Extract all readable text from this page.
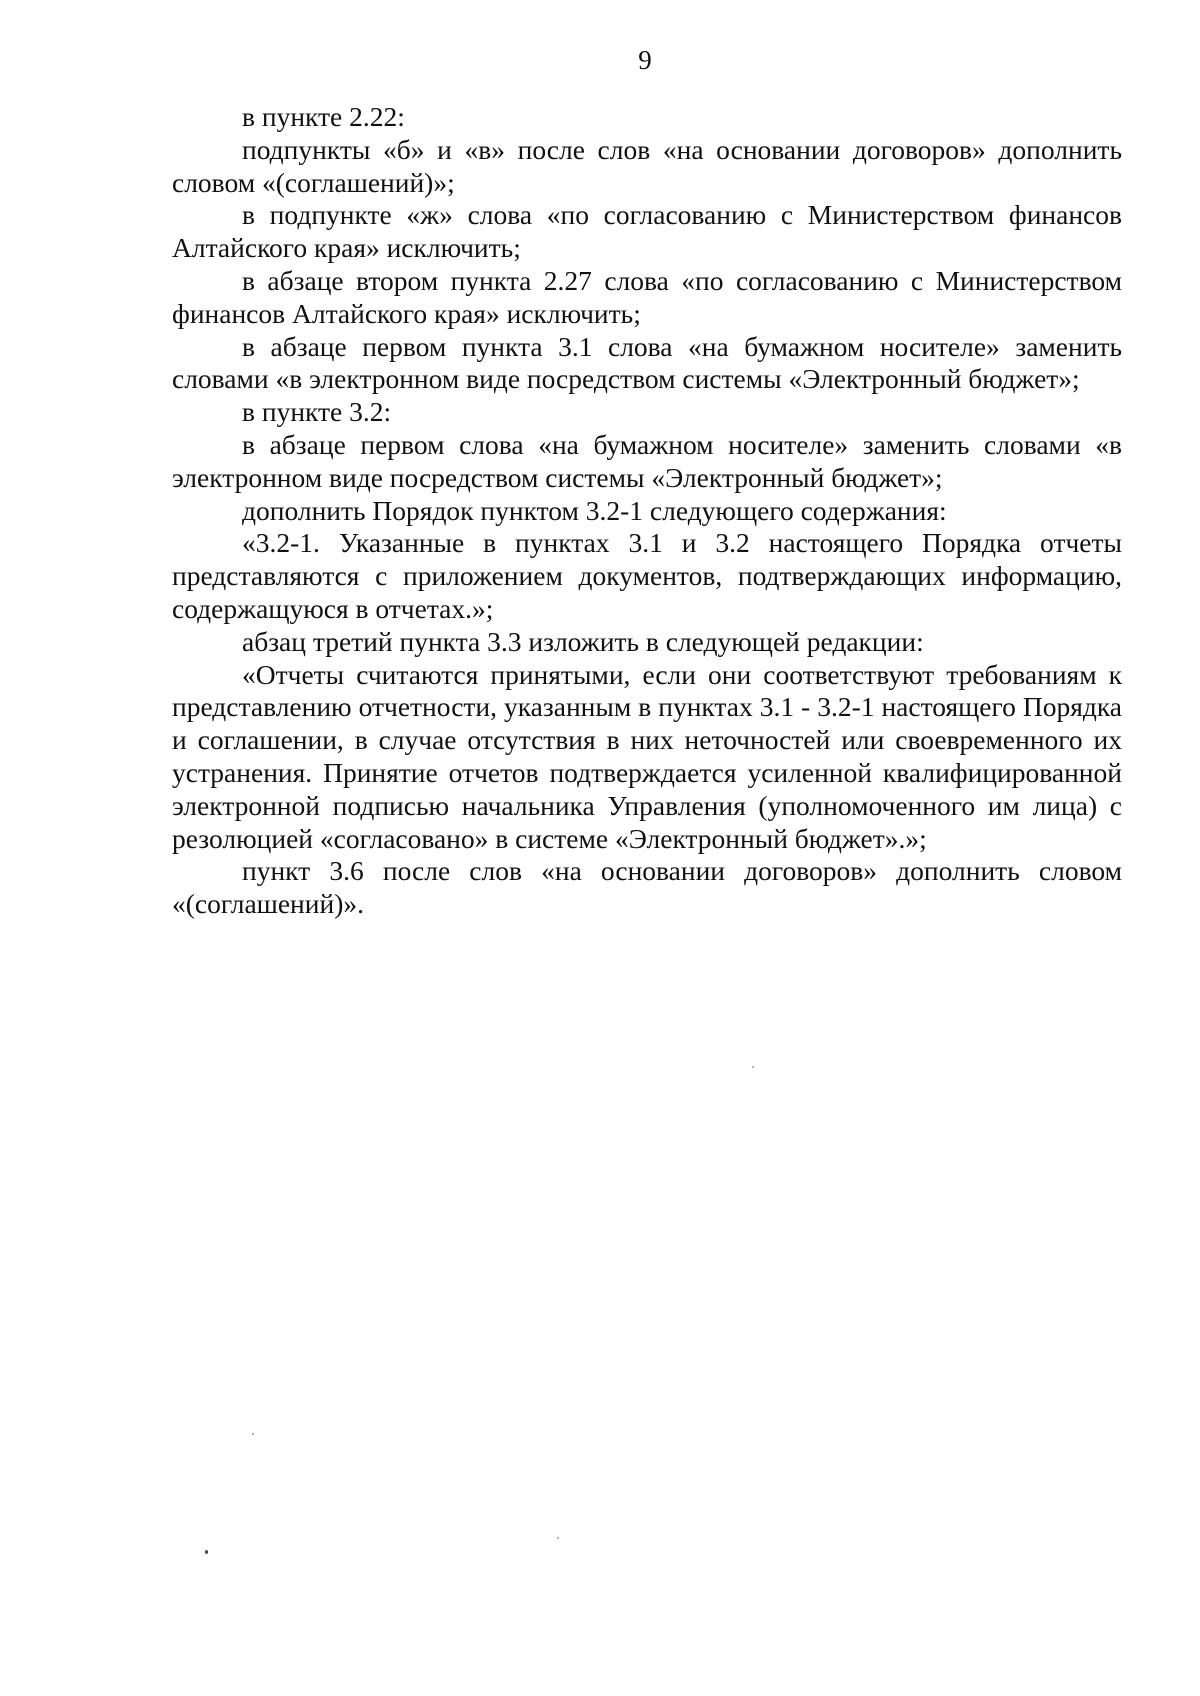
9

в пункте 2.22:

подпункты «б» и «в» после слов «на основании договоров» дополнить словом «(соглашений)»;

в подпункте «ж» слова «по согласованию с Министерством финансов Алтайского края» исключить;

в абзаце втором пункта 2.27 слова «по согласованию с Министерством финансов Алтайского края» исключить;

в абзаце первом пункта 3.1 слова «на бумажном носителе» заменить словами «в электронном виде посредством системы «Электронный бюджет»;

в пункте 3.2:

в абзаце первом слова «на бумажном носителе» заменить словами «в электронном виде посредством системы «Электронный бюджет»;

дополнить Порядок пунктом 3.2-1 следующего содержания:

«3.2-1. Указанные в пунктах 3.1 и 3.2 настоящего Порядка отчеты представляются с приложением документов, подтверждающих информацию, содержащуюся в отчетах.»;

абзац третий пункта 3.3 изложить в следующей редакции:

«Отчеты считаются принятыми, если они соответствуют требованиям к представлению отчетности, указанным в пунктах 3.1 - 3.2-1 настоящего Порядка и соглашении, в случае отсутствия в них неточностей или своевременного их устранения. Принятие отчетов подтверждается усиленной квалифицированной электронной подписью начальника Управления (уполномоченного им лица) с резолюцией «согласовано» в системе «Электронный бюджет».»;

пункт 3.6 после слов «на основании договоров» дополнить словом «(соглашений)».
